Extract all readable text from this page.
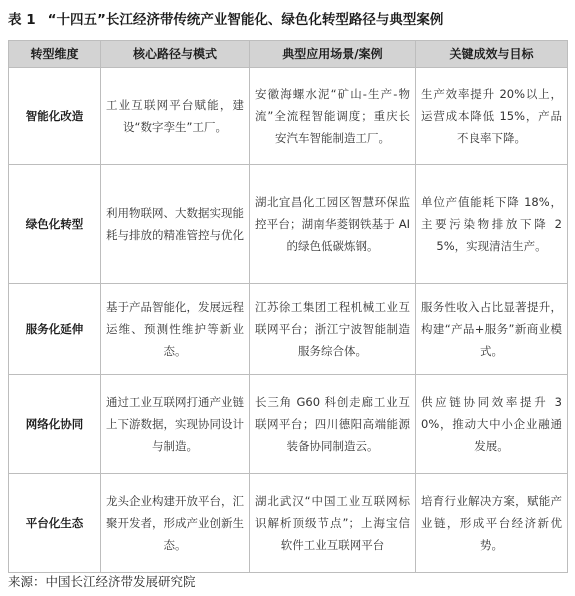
表 1 “十四五”长江经济带传统产业智能化、绿色化转型路径与典型案例
转型维度	核心路径与模式	典型应用场景/案例	关键成效与目标
智能化改造	工业互联网平台赋能，建设“数字孪生”工厂。	安徽海螺水泥“矿山-生产-物流”全流程智能调度；重庆长安汽车智能制造工厂。	生产效率提升 20%以上，运营成本降低 15%，产品不良率下降。
绿色化转型	利用物联网、大数据实现能耗与排放的精准管控与优化	湖北宜昌化工园区智慧环保监控平台；湖南华菱钢铁基于 AI 的绿色低碳炼钢。	单位产值能耗下降 18%，主要污染物排放下降 25%，实现清洁生产。
服务化延伸	基于产品智能化，发展远程运维、预测性维护等新业态。	江苏徐工集团工程机械工业互联网平台；浙江宁波智能制造服务综合体。	服务性收入占比显著提升，构建“产品+服务”新商业模式。
网络化协同	通过工业互联网打通产业链上下游数据，实现协同设计与制造。	长三角 G60 科创走廊工业互联网平台；四川德阳高端能源装备协同制造云。	供应链协同效率提升 30%，推动大中小企业融通发展。
平台化生态	龙头企业构建开放平台，汇聚开发者，形成产业创新生态。	湖北武汉“中国工业互联网标识解析顶级节点”；上海宝信软件工业互联网平台	培育行业解决方案，赋能产业链，形成平台经济新优势。
来源：中国长江经济带发展研究院
